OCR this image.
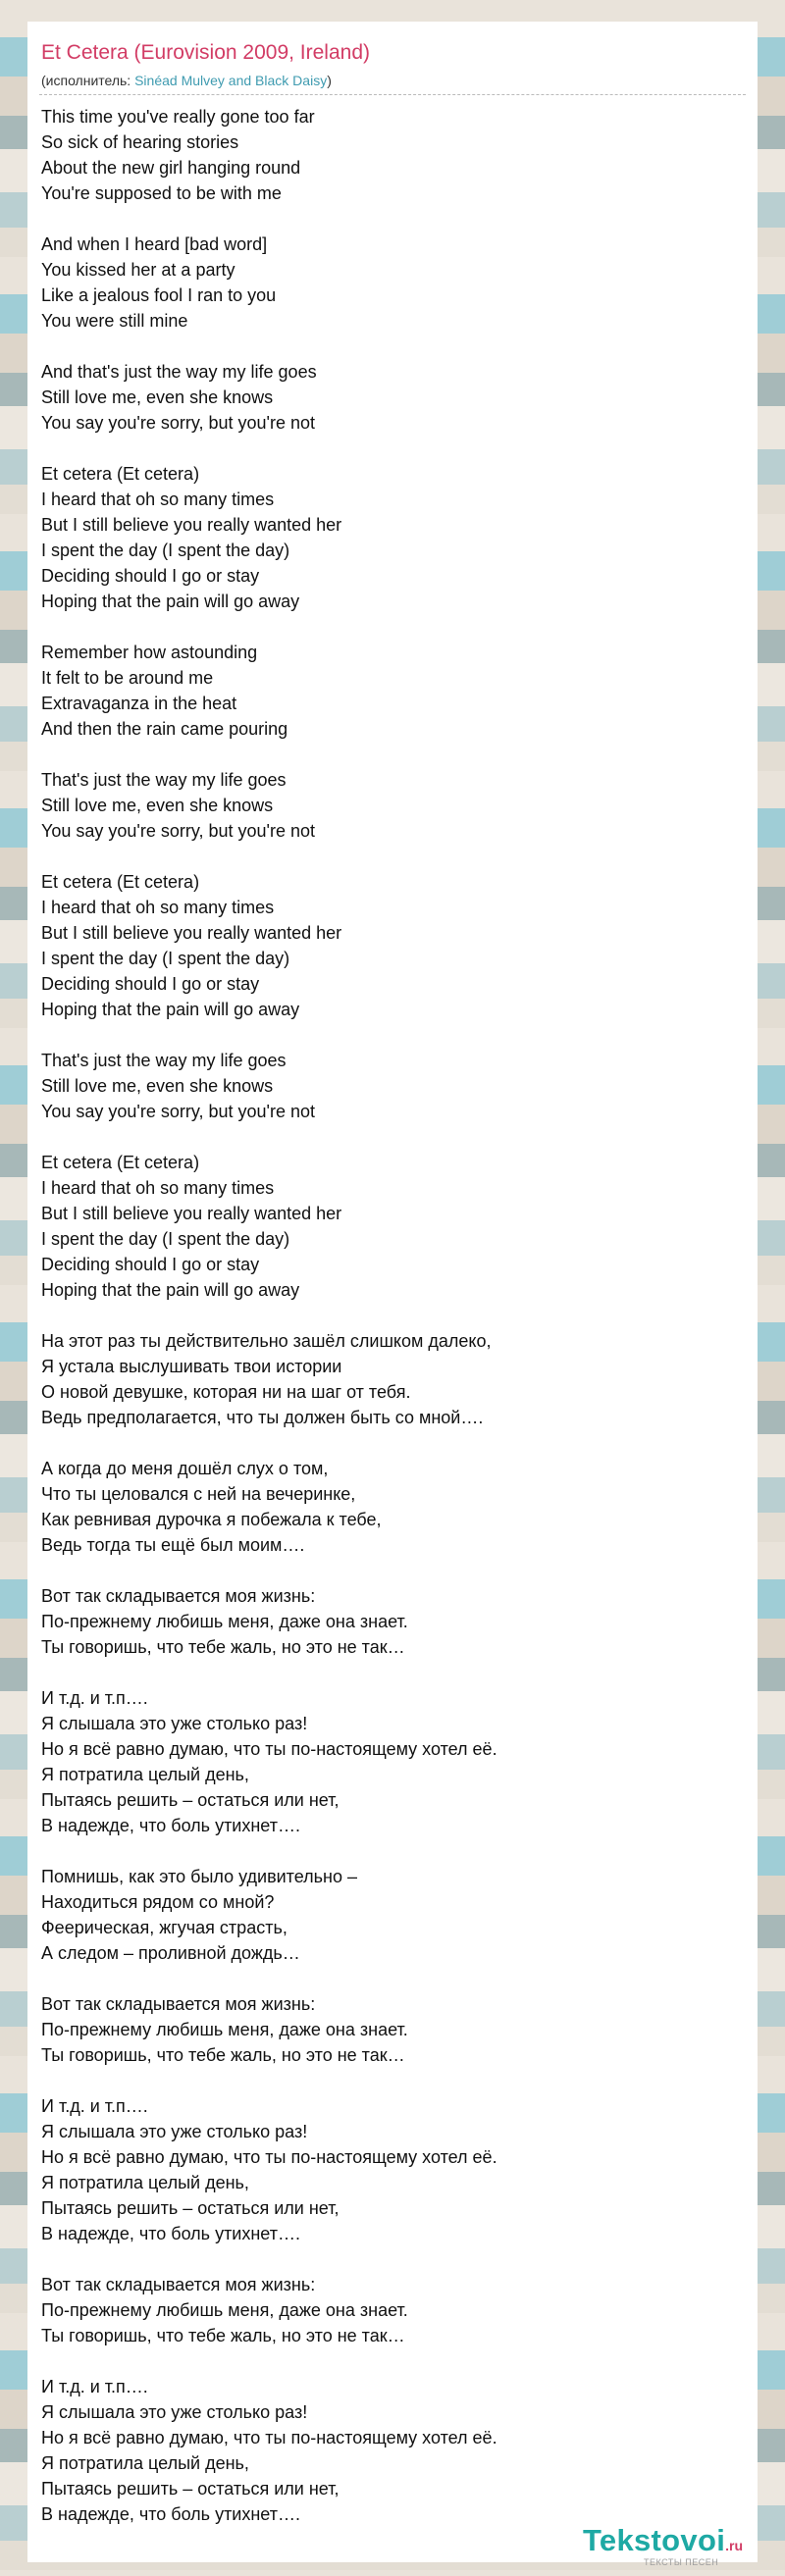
Et Cetera (Eurovision 2009, Ireland)
(исполнитель: Sinéad Mulvey and Black Daisy)
This time you've really gone too far
So sick of hearing stories
About the new girl hanging round
You're supposed to be with me
And when I heard [bad word]
You kissed her at a party
Like a jealous fool I ran to you
You were still mine
And that's just the way my life goes
Still love me, even she knows
You say you're sorry, but you're not
Et cetera (Et cetera)
I heard that oh so many times
But I still believe you really wanted her
I spent the day (I spent the day)
Deciding should I go or stay
Hoping that the pain will go away
Remember how astounding
It felt to be around me
Extravaganza in the heat
And then the rain came pouring
That's just the way my life goes
Still love me, even she knows
You say you're sorry, but you're not
Et cetera (Et cetera)
I heard that oh so many times
But I still believe you really wanted her
I spent the day (I spent the day)
Deciding should I go or stay
Hoping that the pain will go away
That's just the way my life goes
Still love me, even she knows
You say you're sorry, but you're not
Et cetera (Et cetera)
I heard that oh so many times
But I still believe you really wanted her
I spent the day (I spent the day)
Deciding should I go or stay
Hoping that the pain will go away
На этот раз ты действительно зашёл слишком далеко,
Я устала выслушивать твои истории
О новой девушке, которая ни на шаг от тебя.
Ведь предполагается, что ты должен быть со мной….
А когда до меня дошёл слух о том,
Что ты целовался с ней на вечеринке,
Как ревнивая дурочка я побежала к тебе,
Ведь тогда ты ещё был моим….
Вот так складывается моя жизнь:
По-прежнему любишь меня, даже она знает.
Ты говоришь, что тебе жаль, но это не так…
И т.д. и т.п….
Я слышала это уже столько раз!
Но я всё равно думаю, что ты по-настоящему хотел её.
Я потратила целый день,
Пытаясь решить – остаться или нет,
В надежде, что боль утихнет….
Помнишь, как это было удивительно –
Находиться рядом со мной?
Феерическая, жгучая страсть,
А следом – проливной дождь…
Вот так складывается моя жизнь:
По-прежнему любишь меня, даже она знает.
Ты говоришь, что тебе жаль, но это не так…
И т.д. и т.п….
Я слышала это уже столько раз!
Но я всё равно думаю, что ты по-настоящему хотел её.
Я потратила целый день,
Пытаясь решить – остаться или нет,
В надежде, что боль утихнет….
Вот так складывается моя жизнь:
По-прежнему любишь меня, даже она знает.
Ты говоришь, что тебе жаль, но это не так…
И т.д. и т.п….
Я слышала это уже столько раз!
Но я всё равно думаю, что ты по-настоящему хотел её.
Я потратила целый день,
Пытаясь решить – остаться или нет,
В надежде, что боль утихнет….
Tekstovoi.ru
ТЕКСТЫ ПЕСЕН
